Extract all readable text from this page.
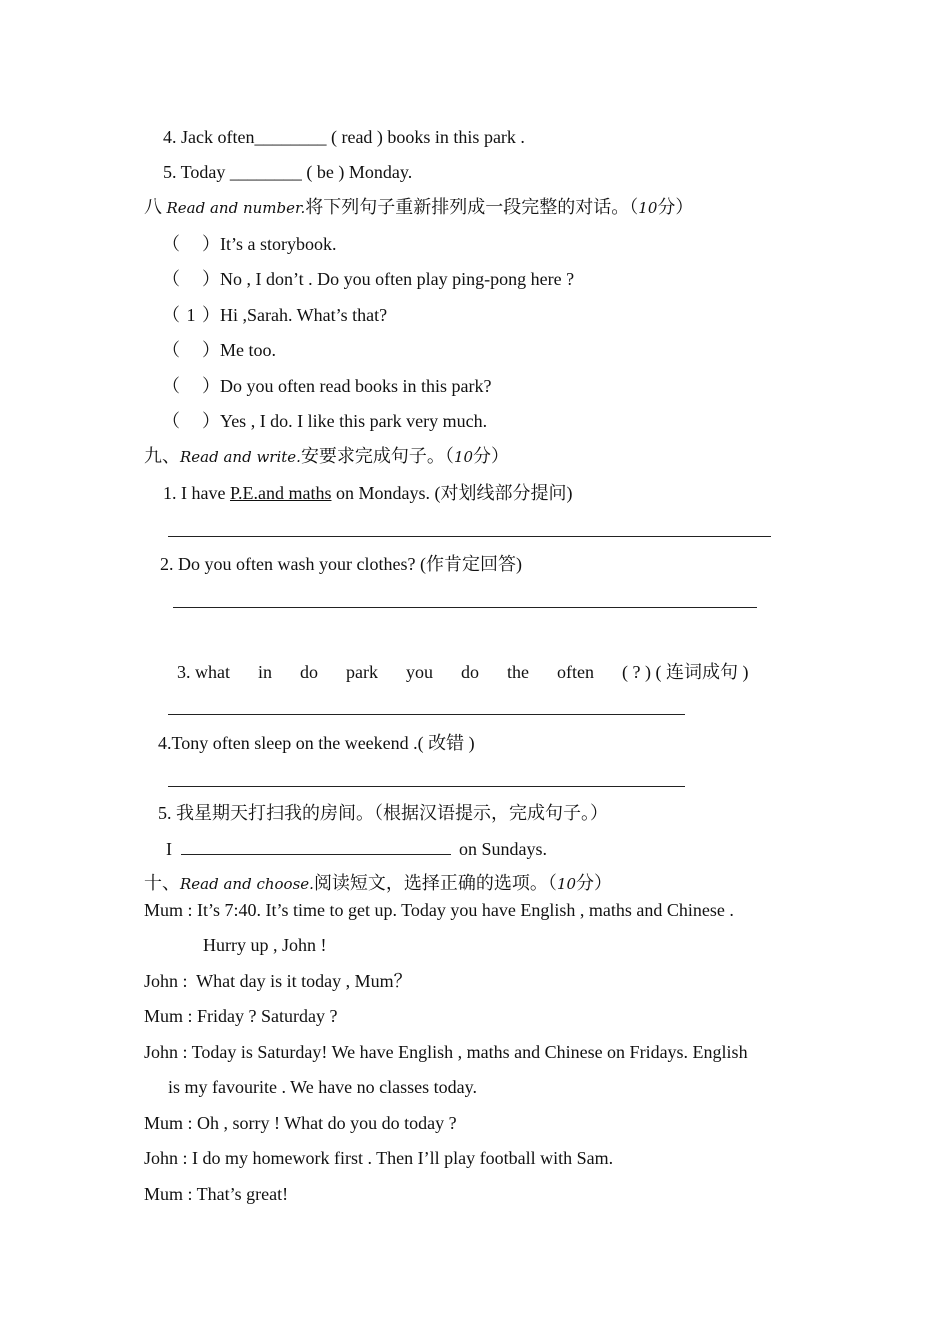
4. Jack often________ ( read ) books in this park .
5. Today ________ ( be ) Monday.
八 Read and number.将下列句子重新排列成一段完整的对话。（10分）
（ ）It’s a storybook.
（ ）No , I don’t . Do you often play ping-pong here ?
（ 1 ）Hi ,Sarah. What’s that?
（ ）Me too.
（ ）Do you often read books in this park?
（ ）Yes , I do. I like this park very much.
九、Read and write.安要求完成句子。（10分）
1. I have P.E.and maths on Mondays. (对划线部分提问)
2. Do you often wash your clothes? (作肯定回答)
3. what in do park you do the often ( ? ) ( 连词成句 )
4.Tony often sleep on the weekend .( 改错 )
5. 我星期天打扫我的房间。（根据汉语提示，完成句子。）
I	on Sundays.
十、Read and choose.阅读短文，选择正确的选项。（10分）
Mum : It’s 7:40. It’s time to get up. Today you have English , maths and Chinese .
Hurry up , John !
John :  What day is it today , Mum？
Mum : Friday ? Saturday ?
John : Today is Saturday! We have English , maths and Chinese on Fridays. English
is my favourite . We have no classes today.
Mum : Oh , sorry ! What do you do today ?
John : I do my homework first . Then I’ll play football with Sam.
Mum : That’s great!
